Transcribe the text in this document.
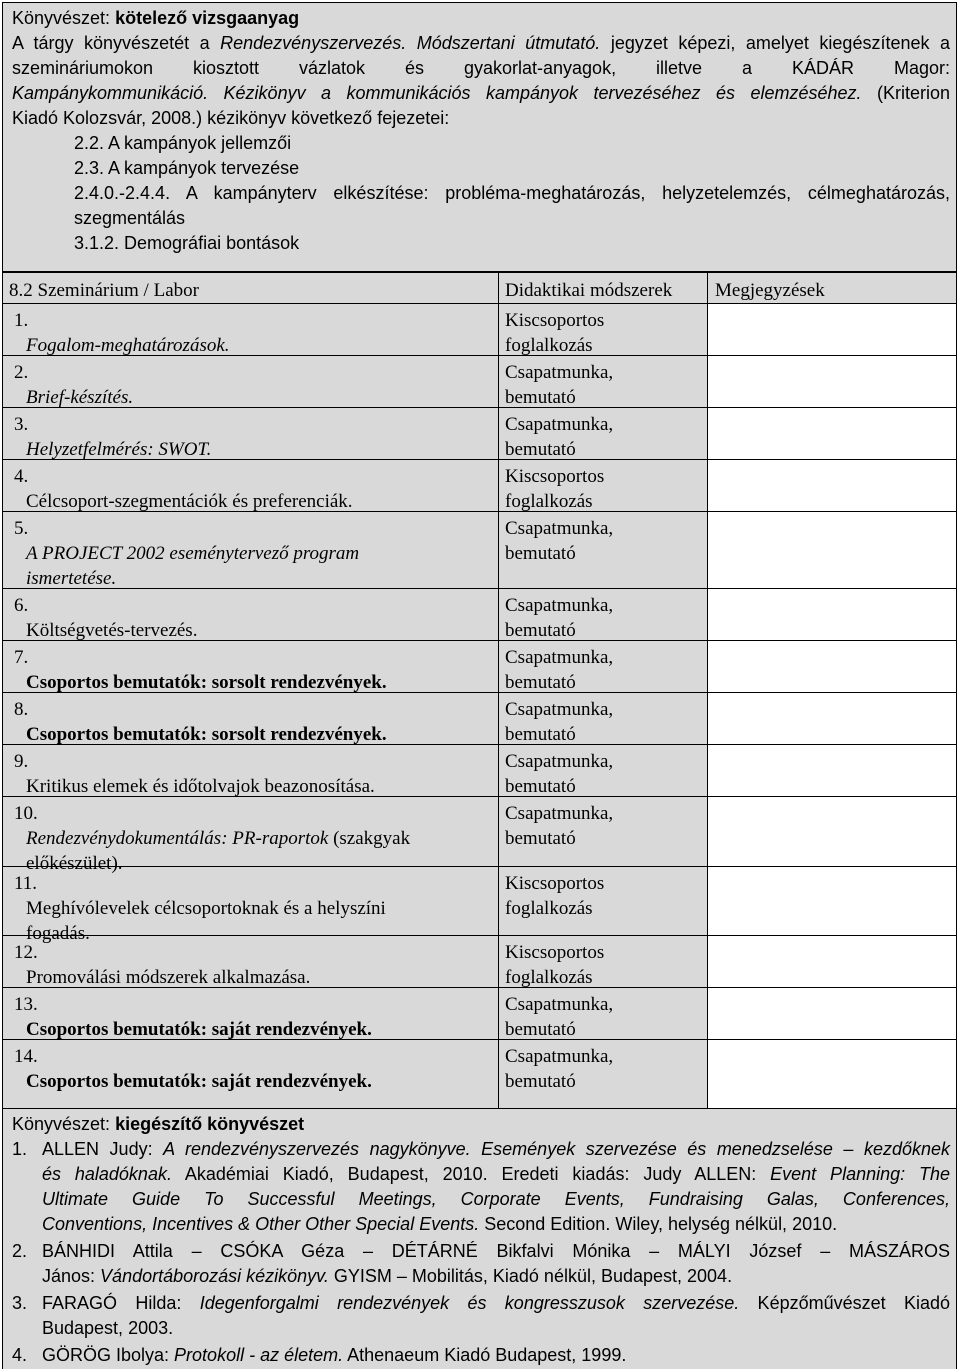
Könyvészet: kötelező vizsgaanyag
A tárgy könyvészetét a Rendezvényszervezés. Módszertani útmutató. jegyzet képezi, amelyet kiegészítenek a
szemináriumokon kiosztott vázlatok és gyakorlat-anyagok, illetve a KÁDÁR Magor:
Kampánykommunikáció. Kézikönyv a kommunikációs kampányok tervezéséhez és elemzéséhez. (Kriterion
Kiadó Kolozsvár, 2008.) kézikönyv következő fejezetei:
2.2. A kampányok jellemzői
2.3. A kampányok tervezése
2.4.0.-2.4.4. A kampányterv elkészítése: probléma-meghatározás, helyzetelemzés, célmeghatározás,
szegmentálás
3.1.2. Demográfiai bontások
8.2 Szeminárium / Labor	Didaktikai módszerek Megjegyzések
1.
Fogalom-meghatározások.
Kiscsoportos
foglalkozás
2.
Brief-készítés.
Csapatmunka,
bemutató
3.
Helyzetfelmérés: SWOT.
Csapatmunka,
bemutató
4.
Célcsoport-szegmentációk és preferenciák.
Kiscsoportos
foglalkozás
5.
A PROJECT 2002 eseménytervező program
ismertetése.
Csapatmunka,
bemutató
6.
Költségvetés-tervezés.
Csapatmunka,
bemutató
7.
Csoportos bemutatók: sorsolt rendezvények.
Csapatmunka,
bemutató
8.
Csoportos bemutatók: sorsolt rendezvények.
Csapatmunka,
bemutató
9.
Kritikus elemek és időtolvajok beazonosítása.
Csapatmunka,
bemutató
10.
Rendezvénydokumentálás: PR-raportok (szakgyak
előkészület).
Csapatmunka,
bemutató
11.
Meghívólevelek célcsoportoknak és a helyszíni
fogadás.
Kiscsoportos
foglalkozás
12.
Promoválási módszerek alkalmazása.
Kiscsoportos
foglalkozás
13.
Csoportos bemutatók: saját rendezvények.
Csapatmunka,
bemutató
14.
Csoportos bemutatók: saját rendezvények.
Csapatmunka,
bemutató
Könyvészet: kiegészítő könyvészet
1. ALLEN Judy: A rendezvényszervezés nagykönyve. Események szervezése és menedzselése – kezdőknek
és haladóknak. Akadémiai Kiadó, Budapest, 2010. Eredeti kiadás: Judy ALLEN: Event Planning: The
Ultimate Guide To Successful Meetings, Corporate Events, Fundraising Galas, Conferences,
Conventions, Incentives & Other Other Special Events. Second Edition. Wiley, helység nélkül, 2010.
2. BÁNHIDI Attila – CSÓKA Géza – DÉTÁRNÉ Bikfalvi Mónika – MÁLYI József – MÁSZÁROS
János: Vándortáborozási kézikönyv. GYISM – Mobilitás, Kiadó nélkül, Budapest, 2004.
3. FARAGÓ Hilda: Idegenforgalmi rendezvények és kongresszusok szervezése. Képzőművészet Kiadó
Budapest, 2003.
4. GÖRÖG Ibolya: Protokoll - az életem. Athenaeum Kiadó Budapest, 1999.
